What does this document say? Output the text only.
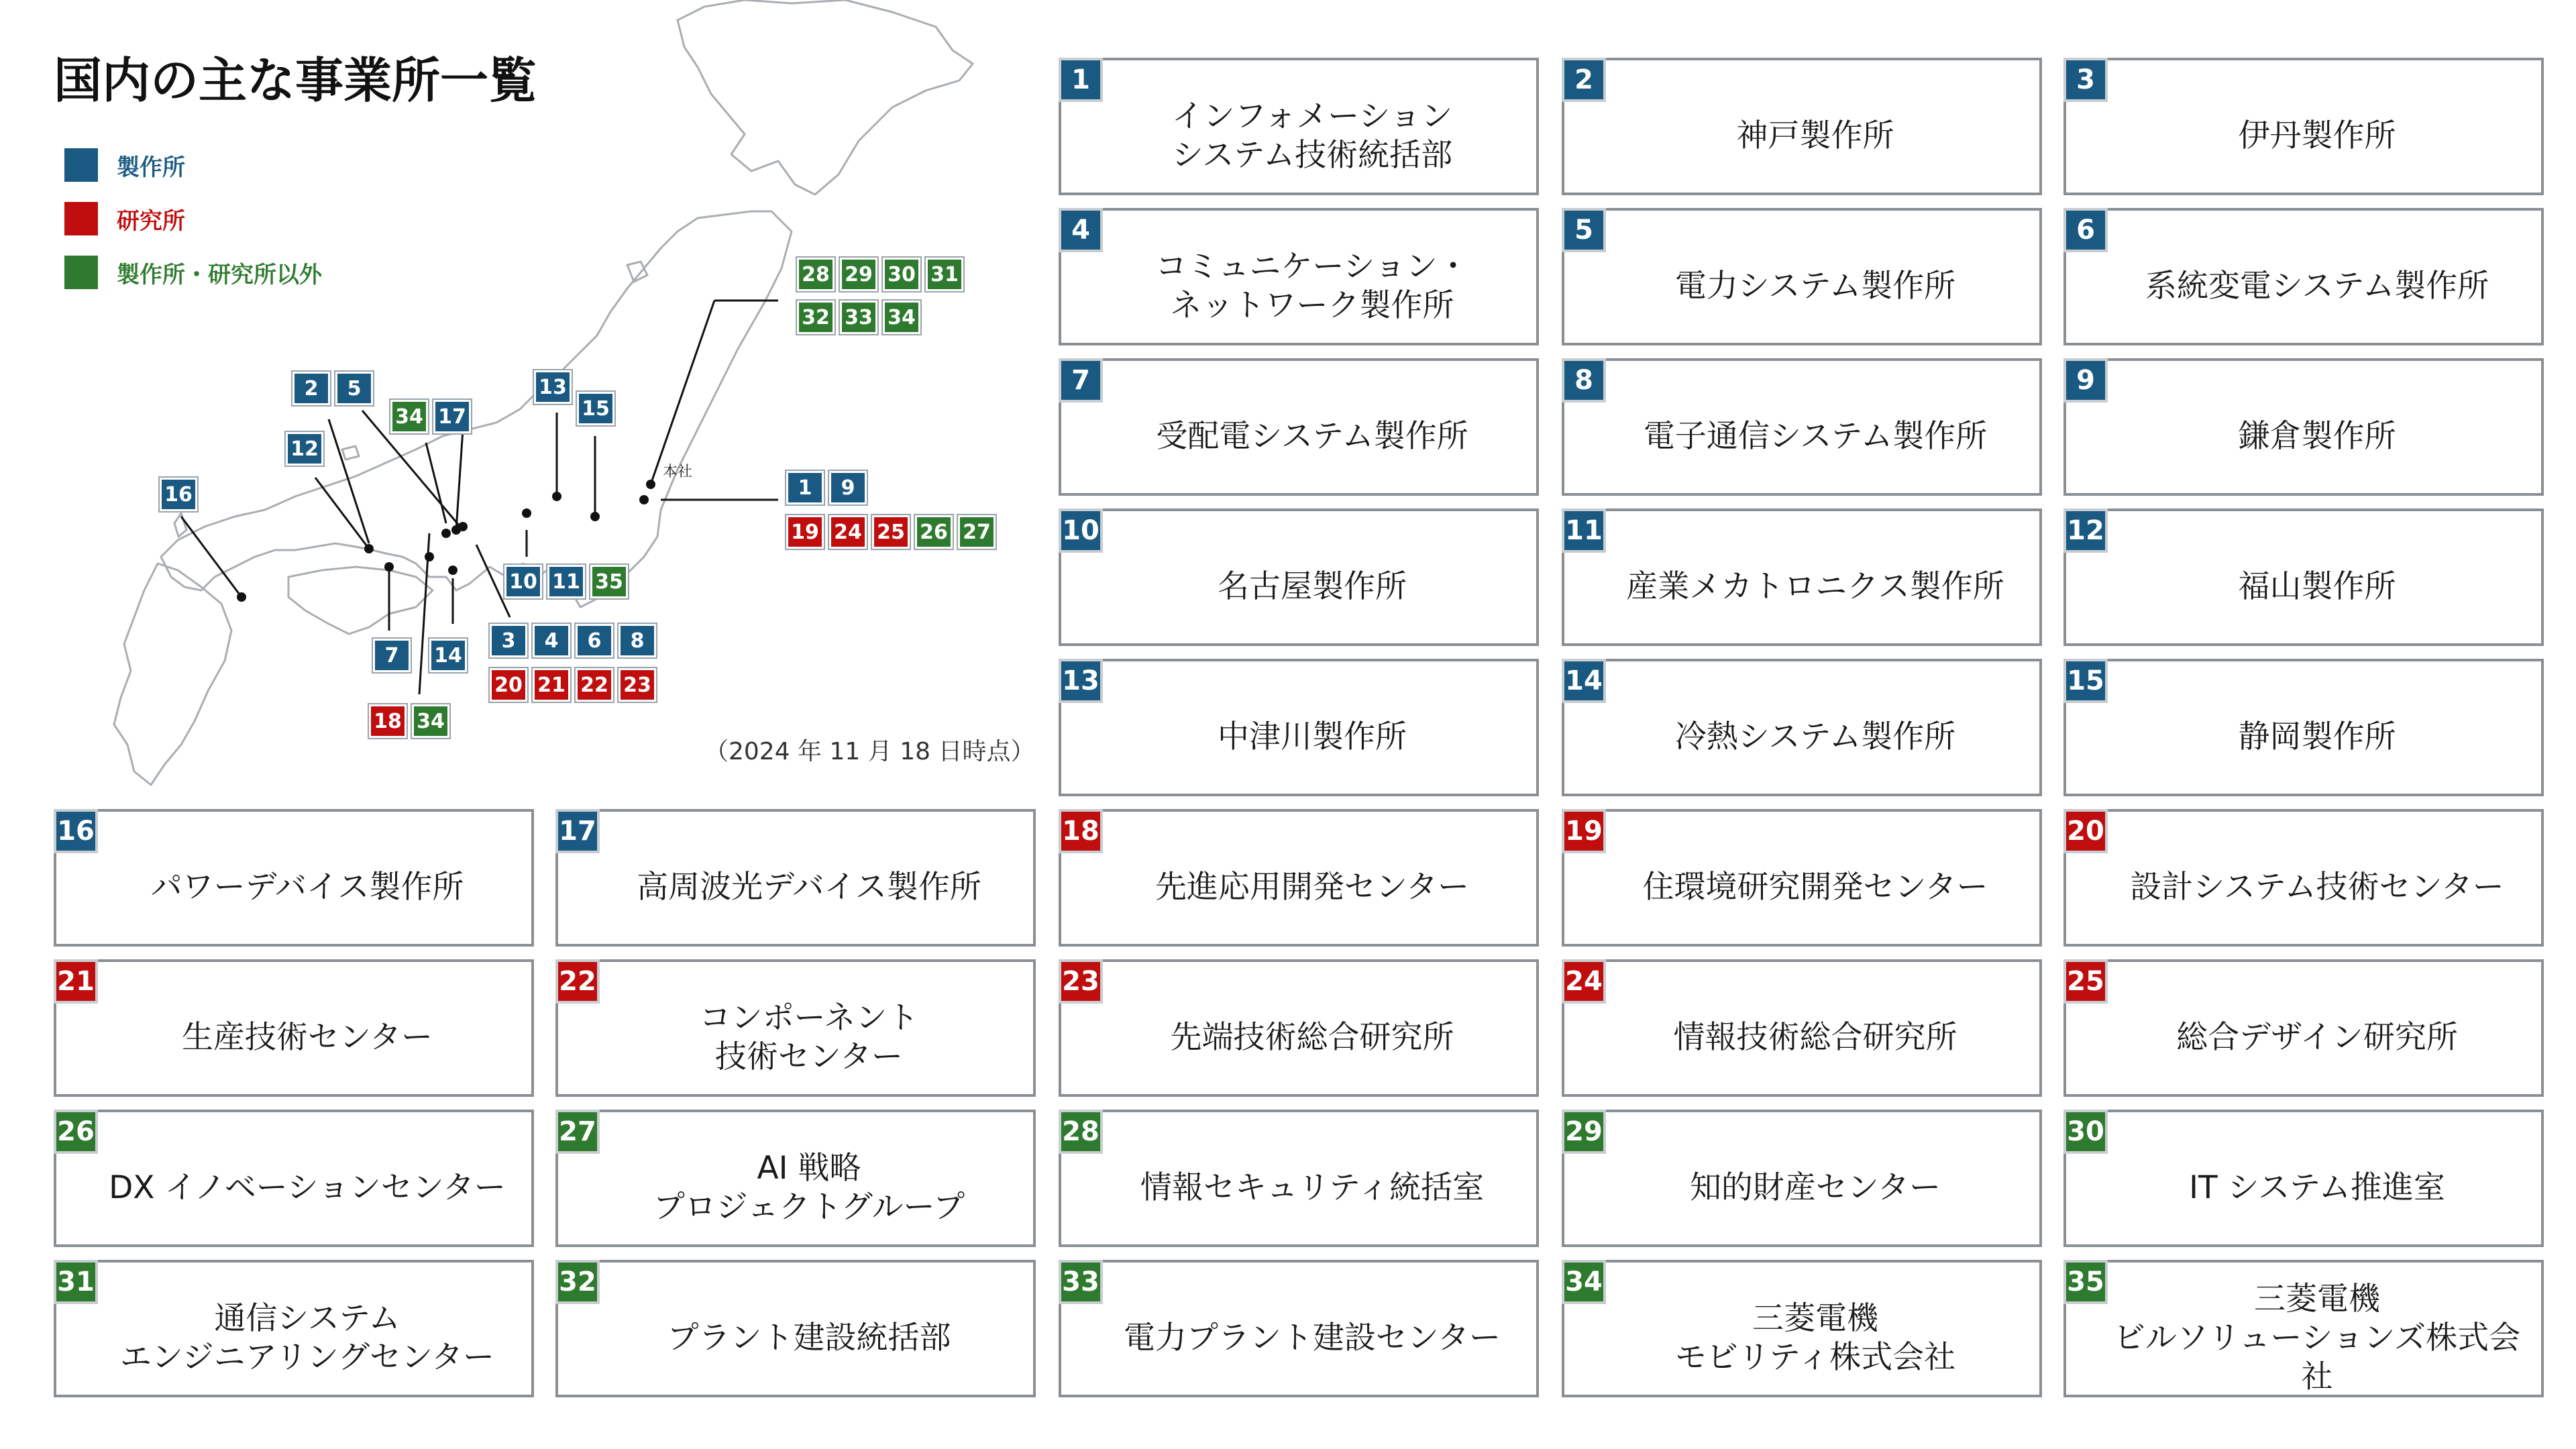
本社
28 29 30 31
32 33 34
2	5
34 17
13
15
12
16	1	9
19 24 25 26 27
10 11 35
7	14
3	4	6	8
20 21 22 23
18 34
国内の主な事業所一覧
製作所
研究所
製作所・研究所以外
（2024 年 11 月 18 日時点）
1
インフォメーション
システム技術統括部
2
神戸製作所
3
伊丹製作所
4
コミュニケーション・
ネットワーク製作所
5
電力システム製作所
6
系統変電システム製作所
7
受配電システム製作所
8
電子通信システム製作所
9
鎌倉製作所
10
名古屋製作所
11
産業メカトロニクス製作所
12
福山製作所
13
中津川製作所
14
冷熱システム製作所
15
静岡製作所
16
パワーデバイス製作所
17
高周波光デバイス製作所
18
先進応用開発センター
19
住環境研究開発センター
20
設計システム技術センター
21
生産技術センター
22
コンポーネント
技術センター
23
先端技術総合研究所
24
情報技術総合研究所
25
総合デザイン研究所
26
DX イノベーションセンター
27
AI 戦略
プロジェクトグループ
28
情報セキュリティ統括室
29
知的財産センター
30
IT システム推進室
31
通信システム
エンジニアリングセンター
32
プラント建設統括部
33
電力プラント建設センター
34
三菱電機
モビリティ株式会社
35	三菱電機
ビルソリューションズ株式会社
